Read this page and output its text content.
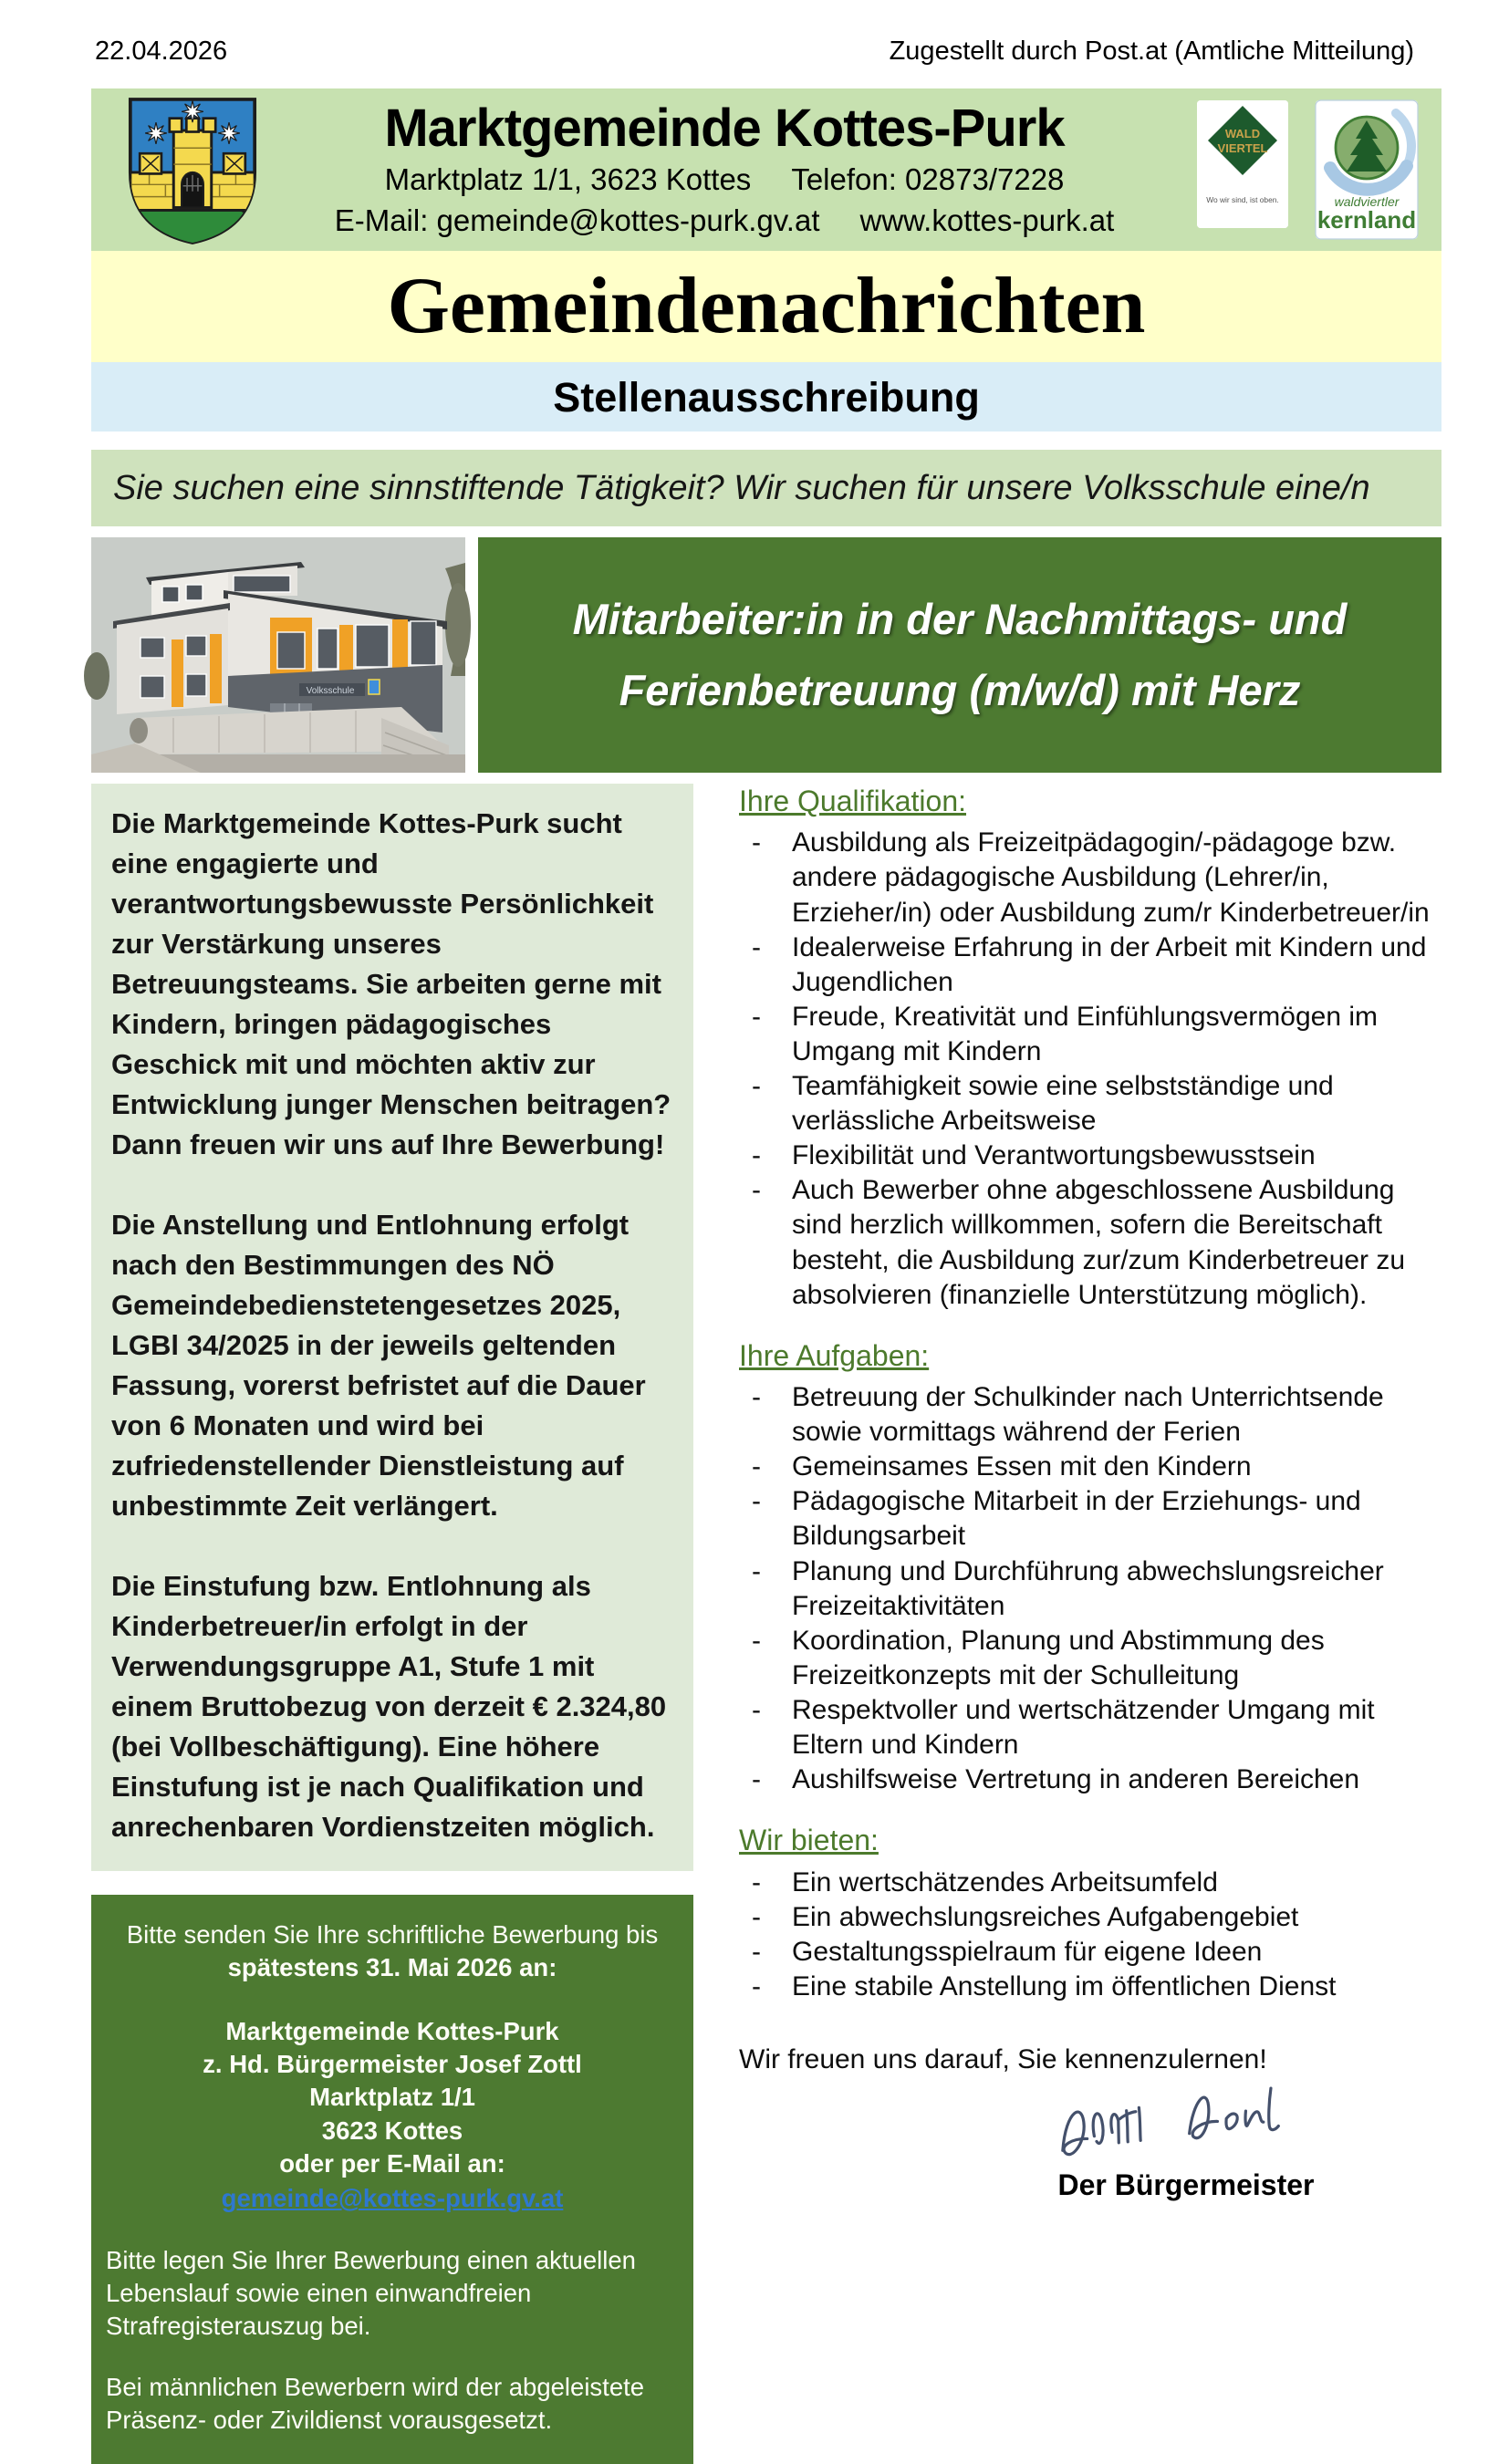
22.04.2026	Zugestellt durch Post.at (Amtliche Mitteilung)
Marktgemeinde Kottes-Purk
Marktplatz 1/1, 3623 Kottes Telefon: 02873/7228
E-Mail: gemeinde@kottes-purk.gv.at www.kottes-purk.at
WALD
VIERTEL
Wo wir sind, ist oben.	waldviertler
kernland
Gemeindenachrichten
Stellenausschreibung
Sie suchen eine sinnstiftende Tätigkeit? Wir suchen für unsere Volksschule eine/n
Volksschule
Mitarbeiter:in in der Nachmittags- und
Ferienbetreuung (m/w/d) mit Herz

Die Marktgemeinde Kottes-Purk sucht eine engagierte und verantwortungsbewusste Persönlichkeit zur Verstärkung unseres Betreuungsteams. Sie arbeiten gerne mit Kindern, bringen pädagogisches Geschick mit und möchten aktiv zur Entwicklung junger Menschen beitragen? Dann freuen wir uns auf Ihre Bewerbung!

Die Anstellung und Entlohnung erfolgt nach den Bestimmungen des NÖ Gemeindebedienstetengesetzes 2025, LGBl 34/2025 in der jeweils geltenden Fassung, vorerst befristet auf die Dauer von 6 Monaten und wird bei zufriedenstellender Dienstleistung auf unbestimmte Zeit verlängert.

Die Einstufung bzw. Entlohnung als Kinderbetreuer/in erfolgt in der Verwendungsgruppe A1, Stufe 1 mit einem Bruttobezug von derzeit € 2.324,80 (bei Vollbeschäftigung). Eine höhere Einstufung ist je nach Qualifikation und anrechenbaren Vordienstzeiten möglich.

Bitte senden Sie Ihre schriftliche Bewerbung bis
spätestens 31. Mai 2026 an:

Marktgemeinde Kottes-Purk
z. Hd. Bürgermeister Josef Zottl
Marktplatz 1/1
3623 Kottes
oder per E-Mail an:
gemeinde@kottes-purk.gv.at

Bitte legen Sie Ihrer Bewerbung einen aktuellen Lebenslauf sowie einen einwandfreien Strafregisterauszug bei.

Bei männlichen Bewerbern wird der abgeleistete Präsenz- oder Zivildienst vorausgesetzt.

Ihre Qualifikation:
- Ausbildung als Freizeitpädagogin/-pädagoge bzw. andere pädagogische Ausbildung (Lehrer/in, Erzieher/in) oder Ausbildung zum/r Kinderbetreuer/in
- Idealerweise Erfahrung in der Arbeit mit Kindern und Jugendlichen
- Freude, Kreativität und Einfühlungsvermögen im Umgang mit Kindern
- Teamfähigkeit sowie eine selbstständige und verlässliche Arbeitsweise
- Flexibilität und Verantwortungsbewusstsein
- Auch Bewerber ohne abgeschlossene Ausbildung sind herzlich willkommen, sofern die Bereitschaft besteht, die Ausbildung zur/zum Kinderbetreuer zu absolvieren (finanzielle Unterstützung möglich).
Ihre Aufgaben:
- Betreuung der Schulkinder nach Unterrichtsende sowie vormittags während der Ferien
- Gemeinsames Essen mit den Kindern
- Pädagogische Mitarbeit in der Erziehungs- und Bildungsarbeit
- Planung und Durchführung abwechslungsreicher Freizeitaktivitäten
- Koordination, Planung und Abstimmung des Freizeitkonzepts mit der Schulleitung
- Respektvoller und wertschätzender Umgang mit Eltern und Kindern
- Aushilfsweise Vertretung in anderen Bereichen
Wir bieten:
- Ein wertschätzendes Arbeitsumfeld
- Ein abwechslungsreiches Aufgabengebiet
- Gestaltungsspielraum für eigene Ideen
- Eine stabile Anstellung im öffentlichen Dienst

Wir freuen uns darauf, Sie kennenzulernen!

Der Bürgermeister
